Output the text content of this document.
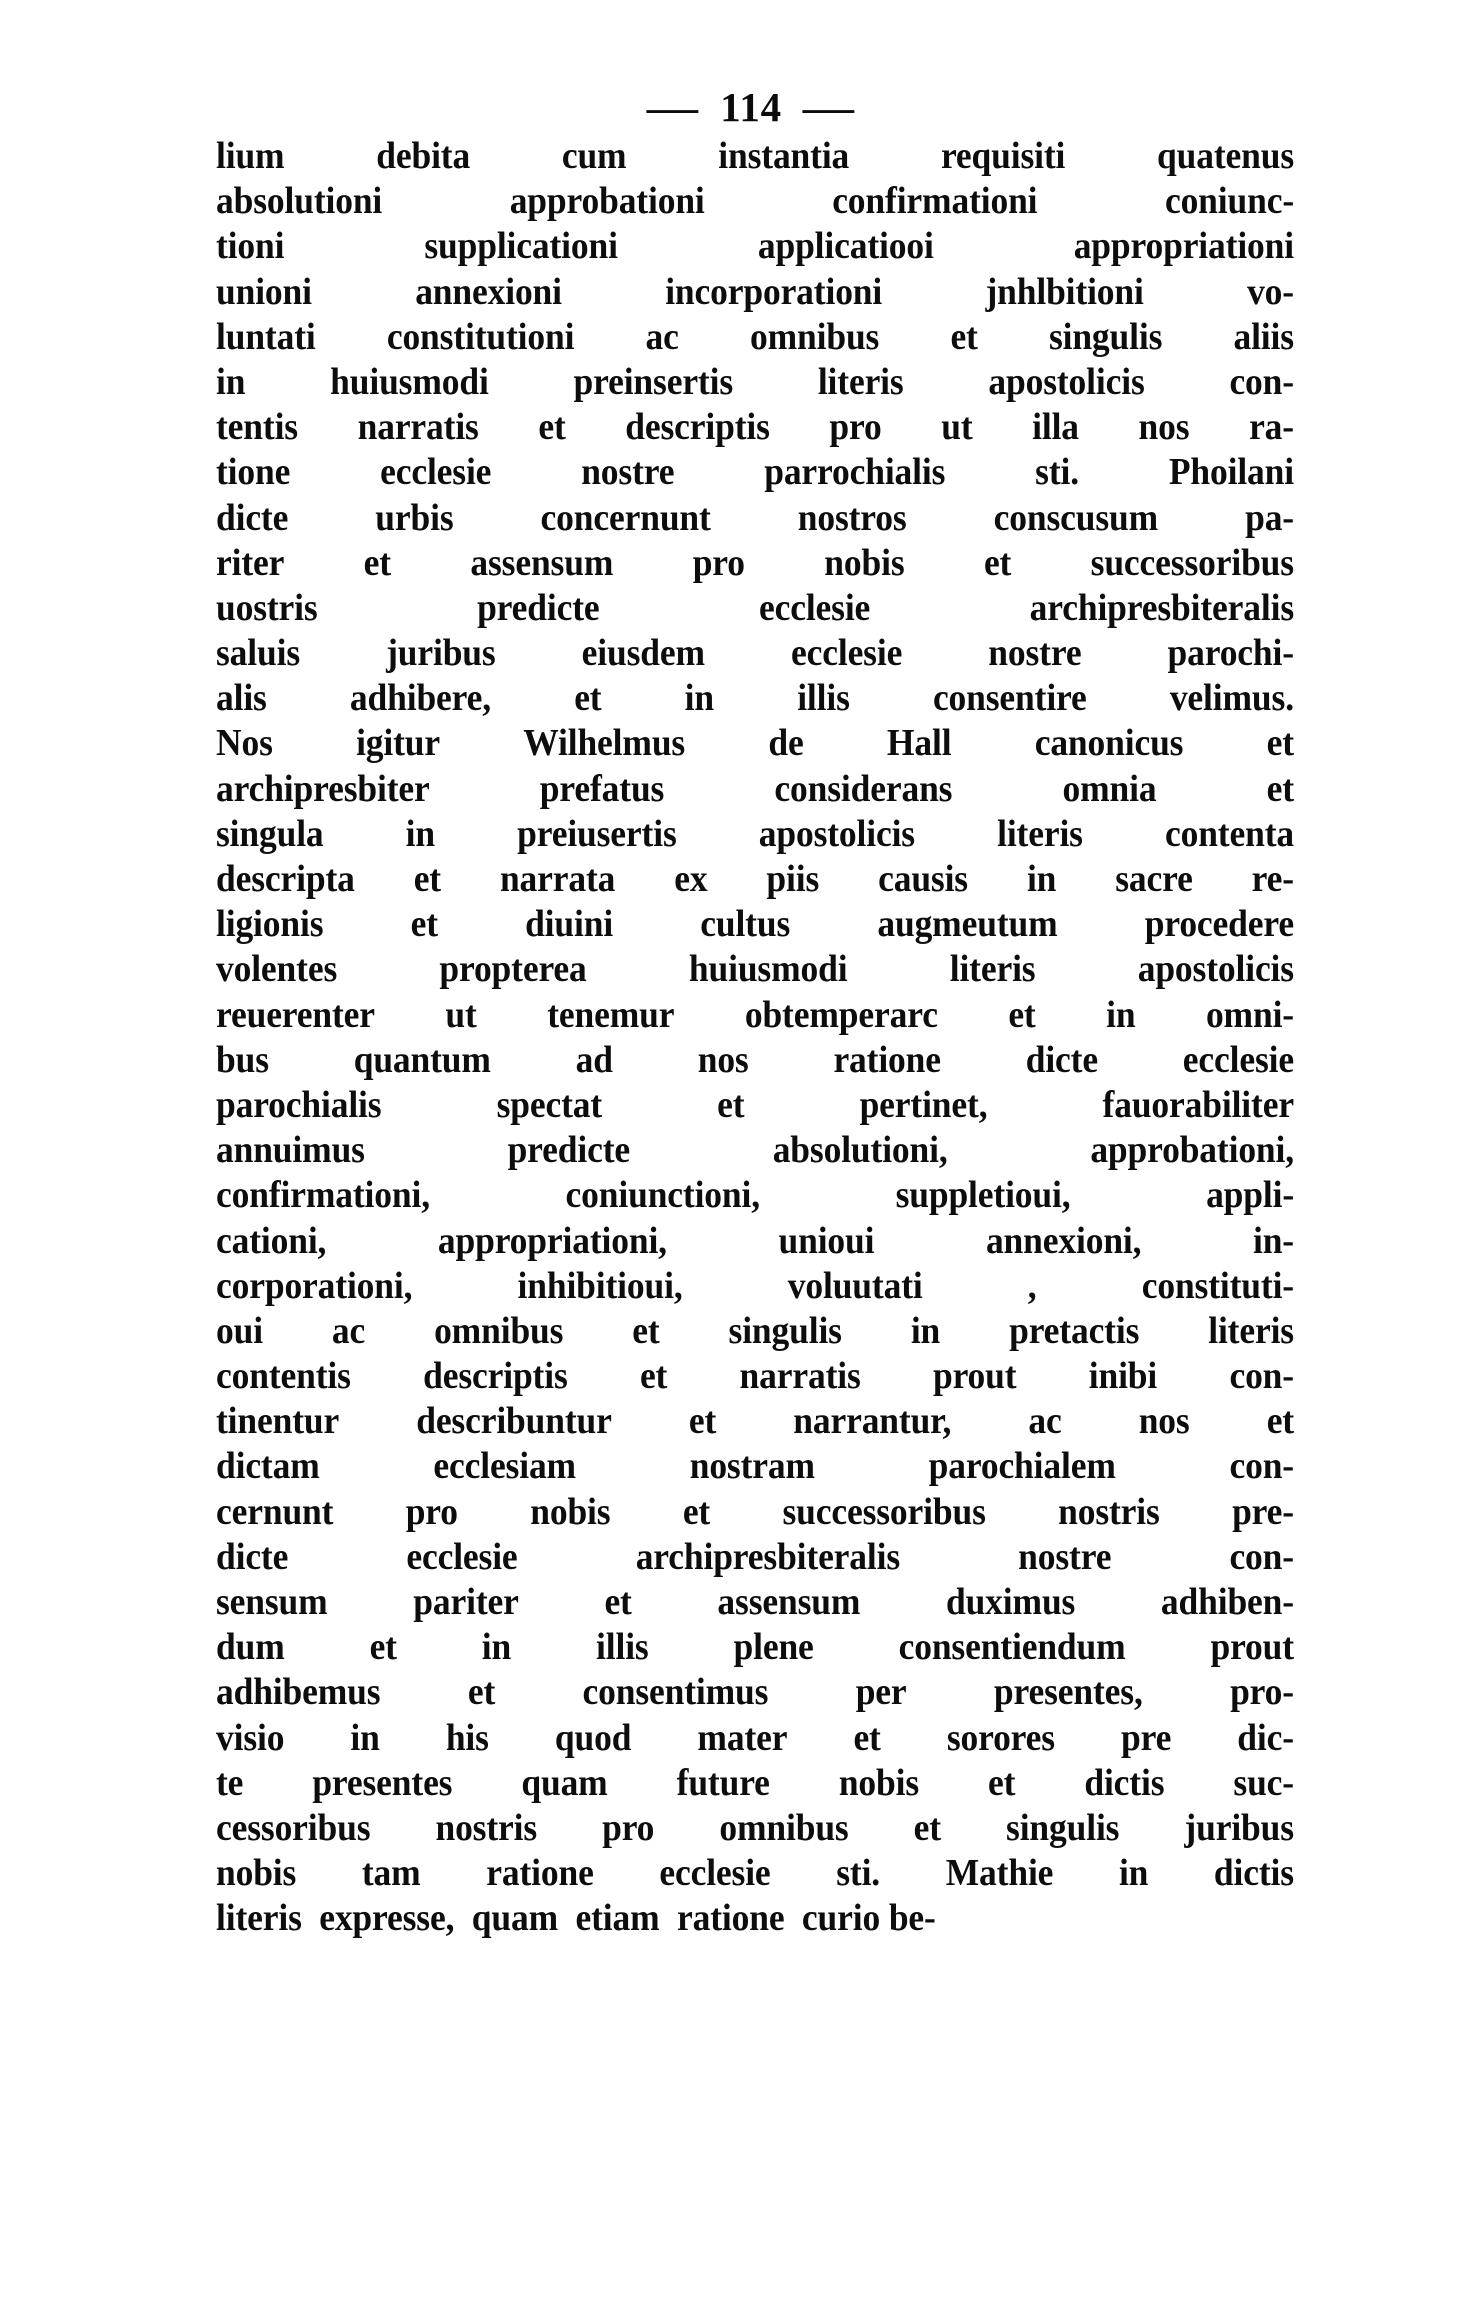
— 114 —

lium	debita	cum	instantia	requisiti	quatenus
absolutioni	approbationi	confirmationi	coniunc-
tioni	supplicationi	applicatiooi	appropriationi
unioni	annexioni	incorporationi	jnhlbitioni	vo-
luntati constitutioni ac omnibus et singulis aliis
in huiusmodi preinsertis literis apostolicis con-
tentis narratis et descriptis pro ut illa nos ra-
tione	ecclesie	nostre	parrochialis	sti.	Phoilani
dicte urbis concernunt nostros conscusum pa-
riter et assensum pro nobis et successoribus
uostris	predicte	ecclesie	archipresbiteralis
saluis juribus eiusdem ecclesie nostre parochi-
alis adhibere, et in illis consentire velimus.
Nos igitur Wilhelmus de Hall canonicus et
archipresbiter	prefatus	considerans	omnia	et
singula in preiusertis apostolicis literis contenta
descripta et narrata ex piis causis in sacre re-
ligionis et diuini cultus augmeutum procedere
volentes	propterea	huiusmodi	literis	apostolicis
reuerenter ut tenemur obtemperarc et in omni-
bus quantum ad nos ratione dicte ecclesie
parochialis	spectat	et	pertinet,	fauorabiliter
annuimus	predicte	absolutioni,	approbationi,
confirmationi,	coniunctioni,	suppletioui,	appli-
cationi,	appropriationi,	unioui	annexioni,	in-
corporationi,	inhibitioui,	voluutati	,	constituti-
oui ac omnibus et singulis in pretactis literis
contentis descriptis et narratis prout inibi con-
tinentur describuntur et narrantur, ac nos et
dictam	ecclesiam	nostram	parochialem	con-
cernunt pro nobis et successoribus nostris pre-
dicte	ecclesie	archipresbiteralis	nostre	con-
sensum pariter et assensum duximus adhiben-
dum et in illis plene consentiendum prout
adhibemus et consentimus per presentes, pro-
visio in his quod mater et sorores pre dic-
te presentes quam future nobis et dictis suc-
cessoribus nostris pro omnibus et singulis juribus
nobis tam ratione ecclesie sti. Mathie in dictis
literis  expresse,  quam  etiam  ratione  curio be-
